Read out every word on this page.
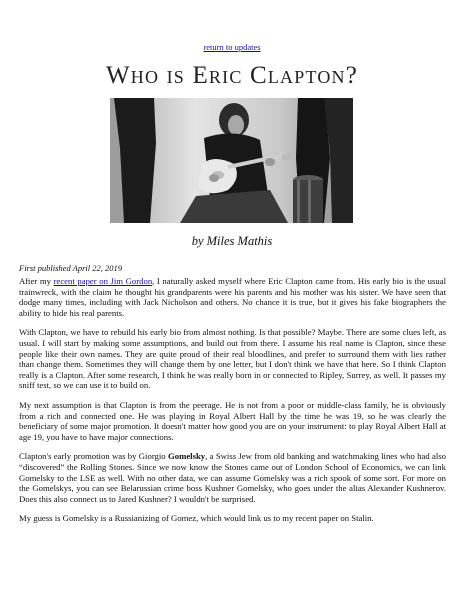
return to updates
Who is Eric Clapton?
by Miles Mathis
First published April 22, 2019

After my recent paper on Jim Gordon, I naturally asked myself where Eric Clapton came from. His early bio is the usual trainwreck, with the claim he thought his grandparents were his parents and his mother was his sister. We have seen that dodge many times, including with Jack Nicholson and others. No chance it is true, but it gives his fake biographers the ability to hide his real parents.

With Clapton, we have to rebuild his early bio from almost nothing. Is that possible? Maybe. There are some clues left, as usual. I will start by making some assumptions, and build out from there. I assume his real name is Clapton, since these people like their own names. They are quite proud of their real bloodlines, and prefer to surround them with lies rather than change them. Sometimes they will change them by one letter, but I don't think we have that here. So I think Clapton really is a Clapton. After some research, I think he was really born in or connected to Ripley, Surrey, as well. It passes my sniff test, so we can use it to build on.

My next assumption is that Clapton is from the peerage. He is not from a poor or middle-class family, he is obviously from a rich and connected one. He was playing in Royal Albert Hall by the time he was 19, so he was clearly the beneficiary of some major promotion. It doesn't matter how good you are on your instrument: to play Royal Albert Hall at age 19, you have to have major connections.

Clapton's early promotion was by Giorgio Gomelsky, a Swiss Jew from old banking and watchmaking lines who had also “discovered” the Rolling Stones. Since we now know the Stones came out of London School of Economics, we can link Gomelsky to the LSE as well. With no other data, we can assume Gomelsky was a rich spook of some sort. For more on the Gomelskys, you can see Belarussian crime boss Kushner Gomelsky, who goes under the alias Alexander Kushnerov. Does this also connect us to Jared Kushner? I wouldn't be surprised.

My guess is Gomelsky is a Russianizing of Gomez, which would link us to my recent paper on Stalin.
